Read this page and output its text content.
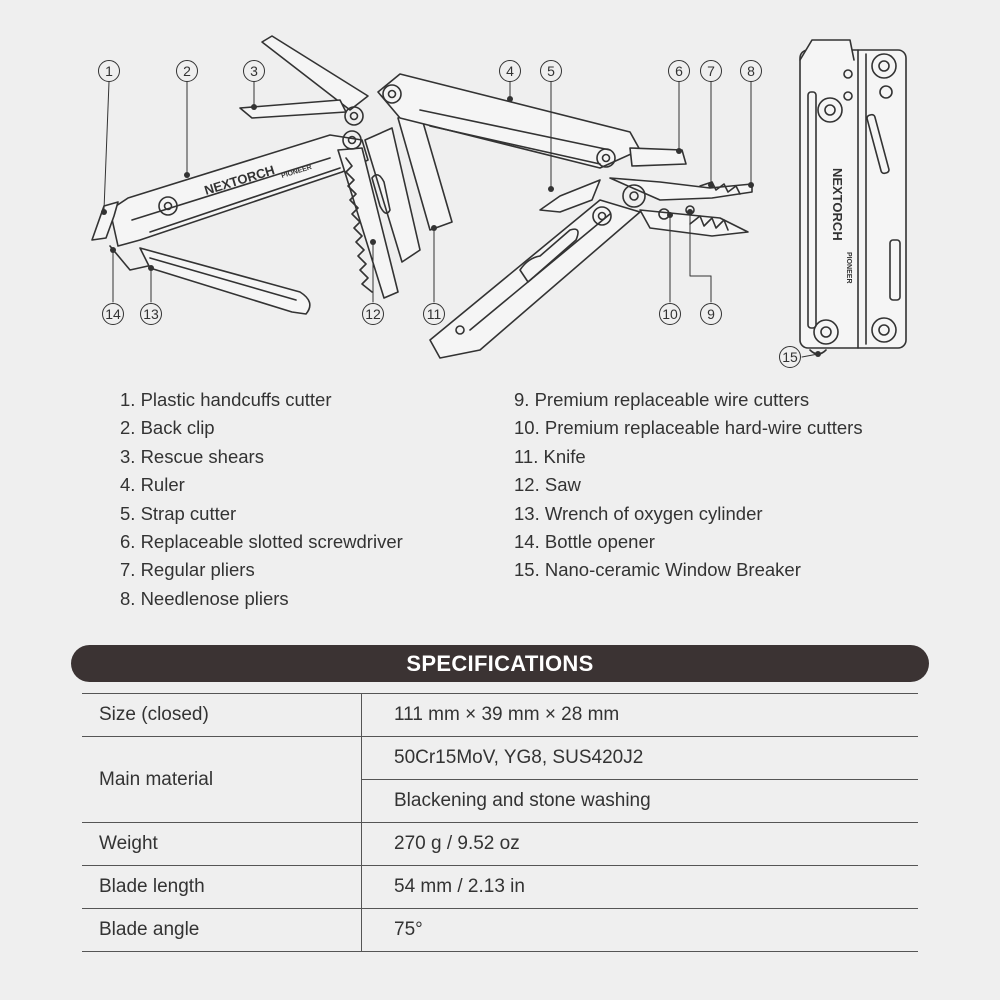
NEXTORCH PIONEER	NEXTORCH
PIONEER
1	2	3	4 5	6 7 8
9
10
11
12
13
14
15
1. Plastic handcuffs cutter
2. Back clip
3. Rescue shears
4. Ruler
5. Strap cutter
6. Replaceable slotted screwdriver
7. Regular pliers
8. Needlenose pliers
9. Premium replaceable wire cutters
10. Premium replaceable hard-wire cutters
11. Knife
12. Saw
13. Wrench of oxygen cylinder
14. Bottle opener
15. Nano-ceramic Window Breaker
SPECIFICATIONS
Size (closed)	111 mm × 39 mm × 28 mm
Main material	50Cr15MoV, YG8, SUS420J2
	Blackening and stone washing
Weight	270 g / 9.52 oz
Blade length	54 mm / 2.13 in
Blade angle	75°
